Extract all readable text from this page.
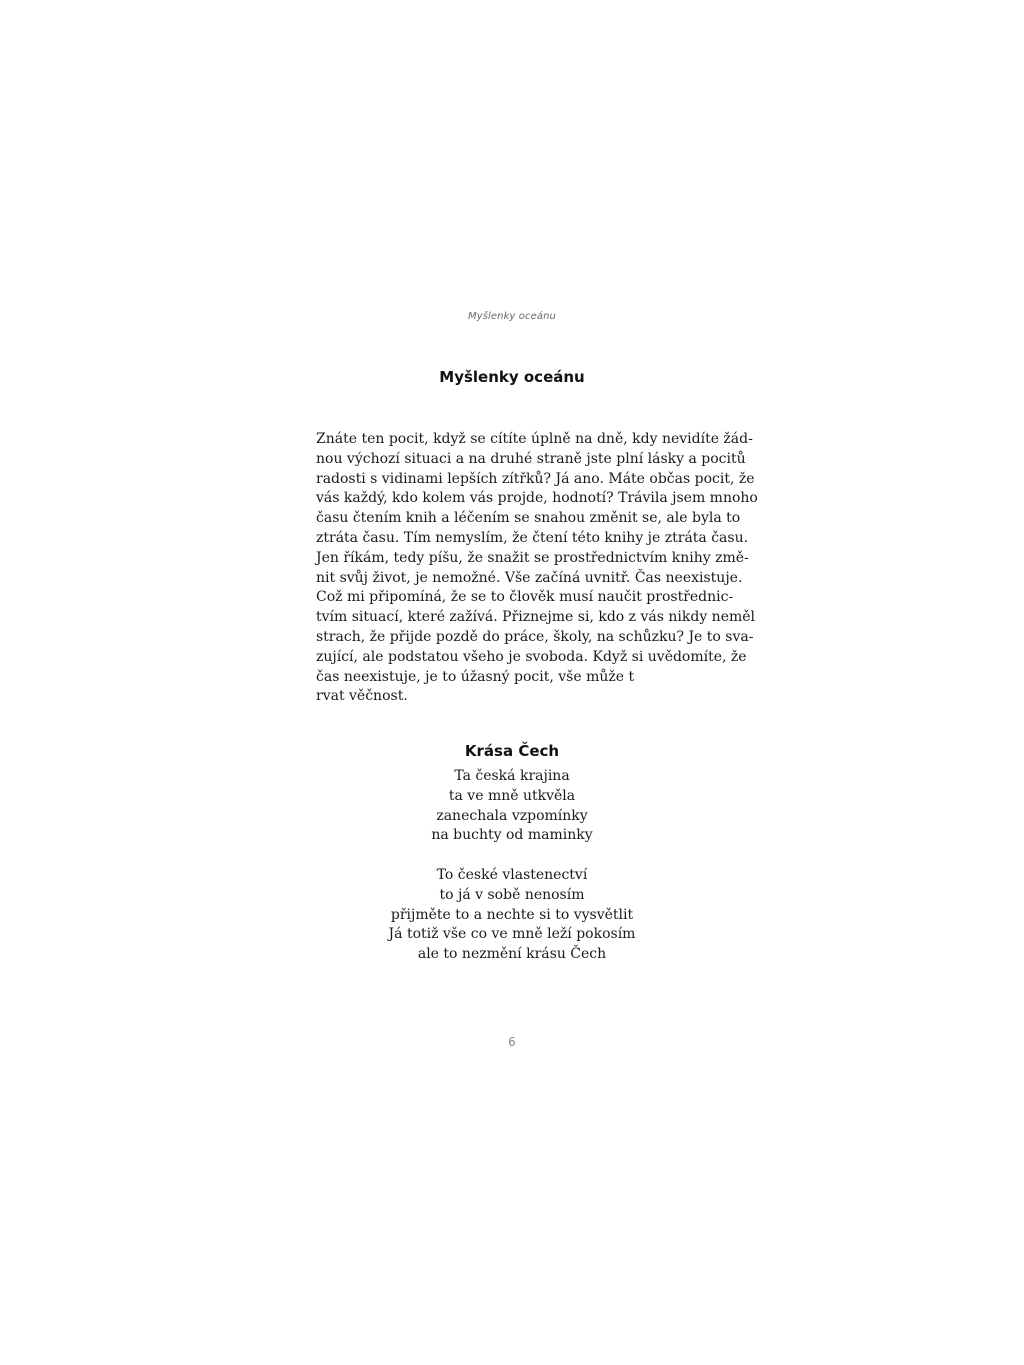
Myšlenky oceánu
Myšlenky oceánu
Znáte ten pocit, když se cítíte úplně na dně, kdy nevidíte žád-
nou výchozí situaci a na druhé straně jste plní lásky a pocitů
radosti s vidinami lepších zítřků? Já ano. Máte občas pocit, že
vás každý, kdo kolem vás projde, hodnotí? Trávila jsem mnoho
času čtením knih a léčením se snahou změnit se, ale byla to
ztráta času. Tím nemyslím, že čtení této knihy je ztráta času.
Jen říkám, tedy píšu, že snažit se prostřednictvím knihy změ-
nit svůj život, je nemožné. Vše začíná uvnitř. Čas neexistuje.
Což mi připomíná, že se to člověk musí naučit prostřednic-
tvím situací, které zažívá. Přiznejme si, kdo z vás nikdy neměl
strach, že přijde pozdě do práce, školy, na schůzku? Je to sva-
zující, ale podstatou všeho je svoboda. Když si uvědomíte, že
čas neexistuje, je to úžasný pocit, vše může t
rvat věčnost.
Krása Čech
Ta česká krajina
ta ve mně utkvěla
zanechala vzpomínky
na buchty od maminky
To české vlastenectví
to já v sobě nenosím
přijměte to a nechte si to vysvětlit
Já totiž vše co ve mně leží pokosím
ale to nezmění krásu Čech
6
